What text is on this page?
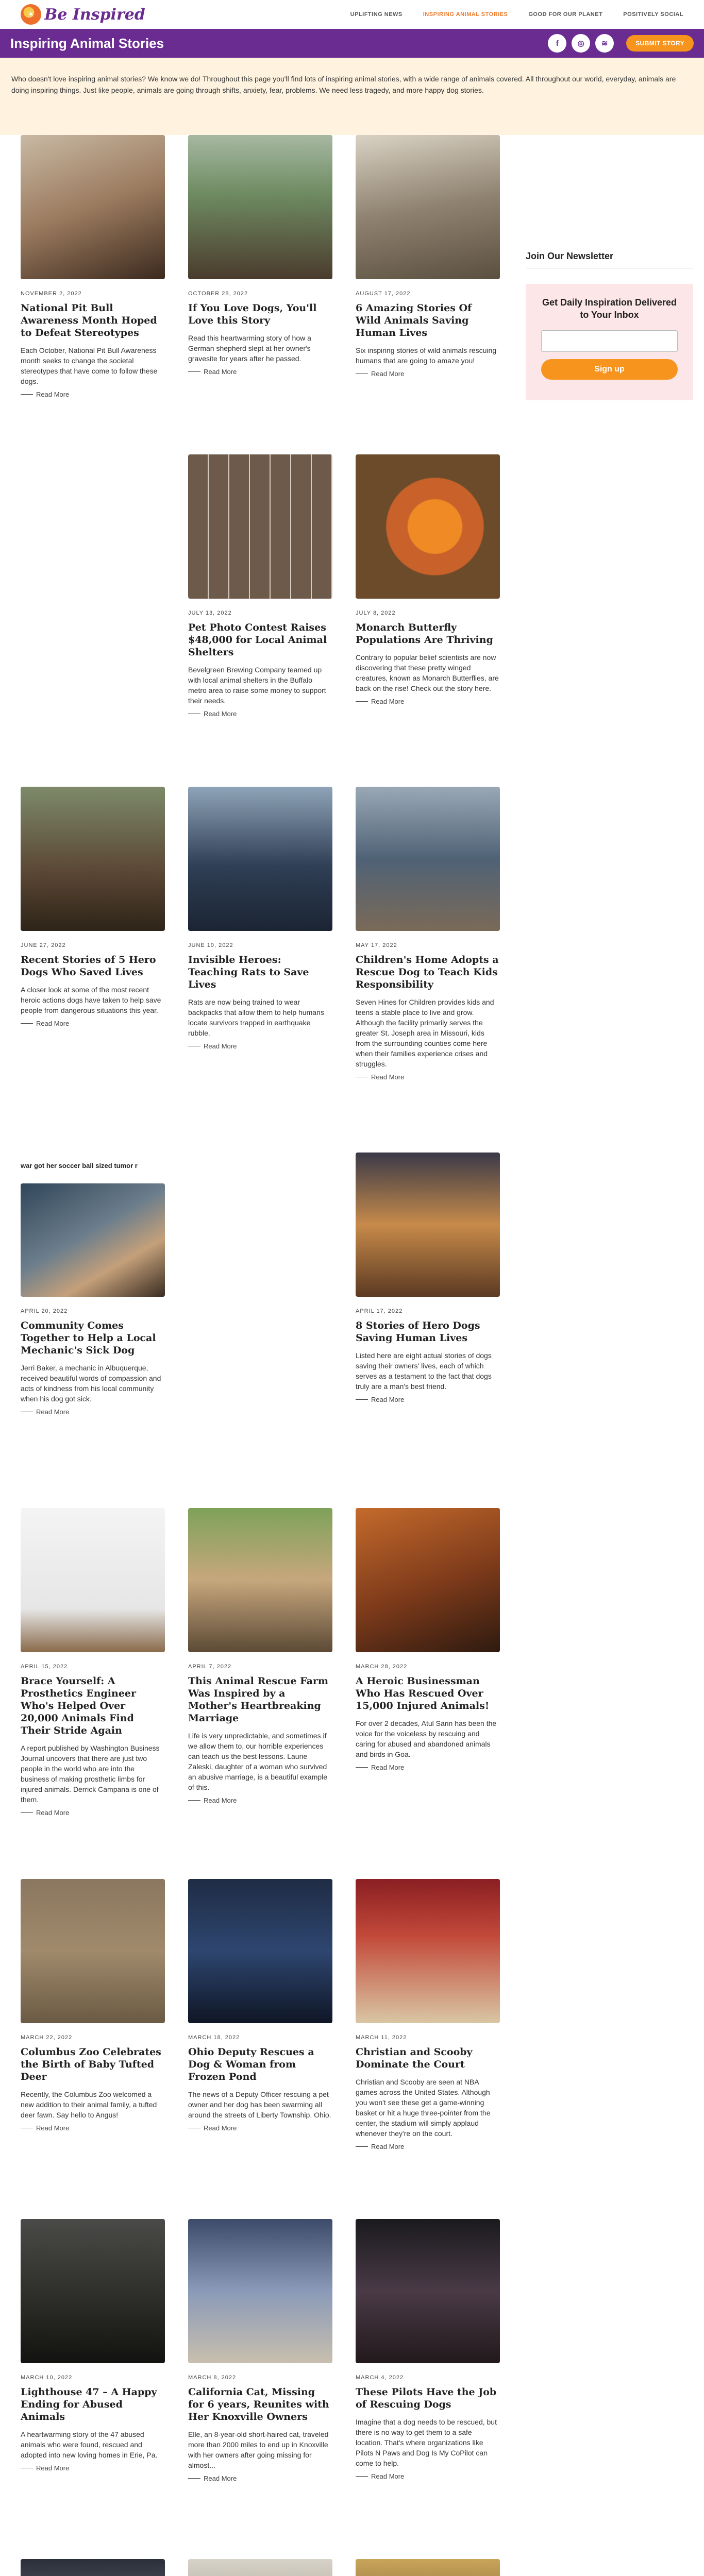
☀ Be Inspired	UPLIFTING NEWS	INSPIRING ANIMAL STORIES	GOOD FOR OUR PLANET	POSITIVELY SOCIAL
Inspiring Animal Stories	f	◎	≋	SUBMIT STORY
Who doesn't love inspiring animal stories? We know we do! Throughout this page you'll find lots of inspiring animal stories, with a wide range of animals covered. All throughout our world, everyday, animals are doing inspiring things. Just like people, animals are going through shifts, anxiety, fear, problems. We need less tragedy, and more happy dog stories.
NOVEMBER 2, 2022
National Pit Bull Awareness Month Hoped to Defeat Stereotypes

Each October, National Pit Bull Awareness month seeks to change the societal stereotypes that have come to follow these dogs.

Read More
OCTOBER 28, 2022
If You Love Dogs, You'll Love this Story

Read this heartwarming story of how a German shepherd slept at her owner's gravesite for years after he passed.

Read More
AUGUST 17, 2022
6 Amazing Stories Of Wild Animals Saving Human Lives

Six inspiring stories of wild animals rescuing humans that are going to amaze you!

Read More
JULY 13, 2022
Pet Photo Contest Raises $48,000 for Local Animal Shelters

Bevelgreen Brewing Company teamed up with local animal shelters in the Buffalo metro area to raise some money to support their needs.

Read More
JULY 8, 2022
Monarch Butterfly Populations Are Thriving

Contrary to popular belief scientists are now discovering that these pretty winged creatures, known as Monarch Butterflies, are back on the rise! Check out the story here.

Read More
JUNE 27, 2022
Recent Stories of 5 Hero Dogs Who Saved Lives

A closer look at some of the most recent heroic actions dogs have taken to help save people from dangerous situations this year.

Read More
JUNE 10, 2022
Invisible Heroes: Teaching Rats to Save Lives

Rats are now being trained to wear backpacks that allow them to help humans locate survivors trapped in earthquake rubble.

Read More
MAY 17, 2022
Children's Home Adopts a Rescue Dog to Teach Kids Responsibility

Seven Hines for Children provides kids and teens a stable place to live and grow. Although the facility primarily serves the greater St. Joseph area in Missouri, kids from the surrounding counties come here when their families experience crises and struggles.

Read More
war got her soccer ball sized tumor r
APRIL 20, 2022
Community Comes Together to Help a Local Mechanic's Sick Dog

Jerri Baker, a mechanic in Albuquerque, received beautiful words of compassion and acts of kindness from his local community when his dog got sick.

Read More
APRIL 17, 2022
8 Stories of Hero Dogs Saving Human Lives

Listed here are eight actual stories of dogs saving their owners' lives, each of which serves as a testament to the fact that dogs truly are a man's best friend.

Read More
APRIL 15, 2022
Brace Yourself: A Prosthetics Engineer Who's Helped Over 20,000 Animals Find Their Stride Again

A report published by Washington Business Journal uncovers that there are just two people in the world who are into the business of making prosthetic limbs for injured animals. Derrick Campana is one of them.

Read More
APRIL 7, 2022
This Animal Rescue Farm Was Inspired by a Mother's Heartbreaking Marriage

Life is very unpredictable, and sometimes if we allow them to, our horrible experiences can teach us the best lessons. Laurie Zaleski, daughter of a woman who survived an abusive marriage, is a beautiful example of this.

Read More
MARCH 28, 2022
A Heroic Businessman Who Has Rescued Over 15,000 Injured Animals!

For over 2 decades, Atul Sarin has been the voice for the voiceless by rescuing and caring for abused and abandoned animals and birds in Goa.

Read More
MARCH 22, 2022
Columbus Zoo Celebrates the Birth of Baby Tufted Deer

Recently, the Columbus Zoo welcomed a new addition to their animal family, a tufted deer fawn. Say hello to Angus!

Read More
MARCH 18, 2022
Ohio Deputy Rescues a Dog & Woman from Frozen Pond

The news of a Deputy Officer rescuing a pet owner and her dog has been swarming all around the streets of Liberty Township, Ohio.

Read More
MARCH 11, 2022
Christian and Scooby Dominate the Court

Christian and Scooby are seen at NBA games across the United States. Although you won't see these get a game-winning basket or hit a huge three-pointer from the center, the stadium will simply applaud whenever they're on the court.

Read More
MARCH 10, 2022
Lighthouse 47 – A Happy Ending for Abused Animals

A heartwarming story of the 47 abused animals who were found, rescued and adopted into new loving homes in Erie, Pa.

Read More
MARCH 8, 2022
California Cat, Missing for 6 years, Reunites with Her Knoxville Owners

Elle, an 8-year-old short-haired cat, traveled more than 2000 miles to end up in Knoxville with her owners after going missing for almost...

Read More
MARCH 4, 2022
These Pilots Have the Job of Rescuing Dogs

Imagine that a dog needs to be rescued, but there is no way to get them to a safe location. That's where organizations like Pilots N Paws and Dog Is My CoPilot can come to help.

Read More

Join Our Newsletter
Get Daily Inspiration Delivered to Your Inbox
Sign up
